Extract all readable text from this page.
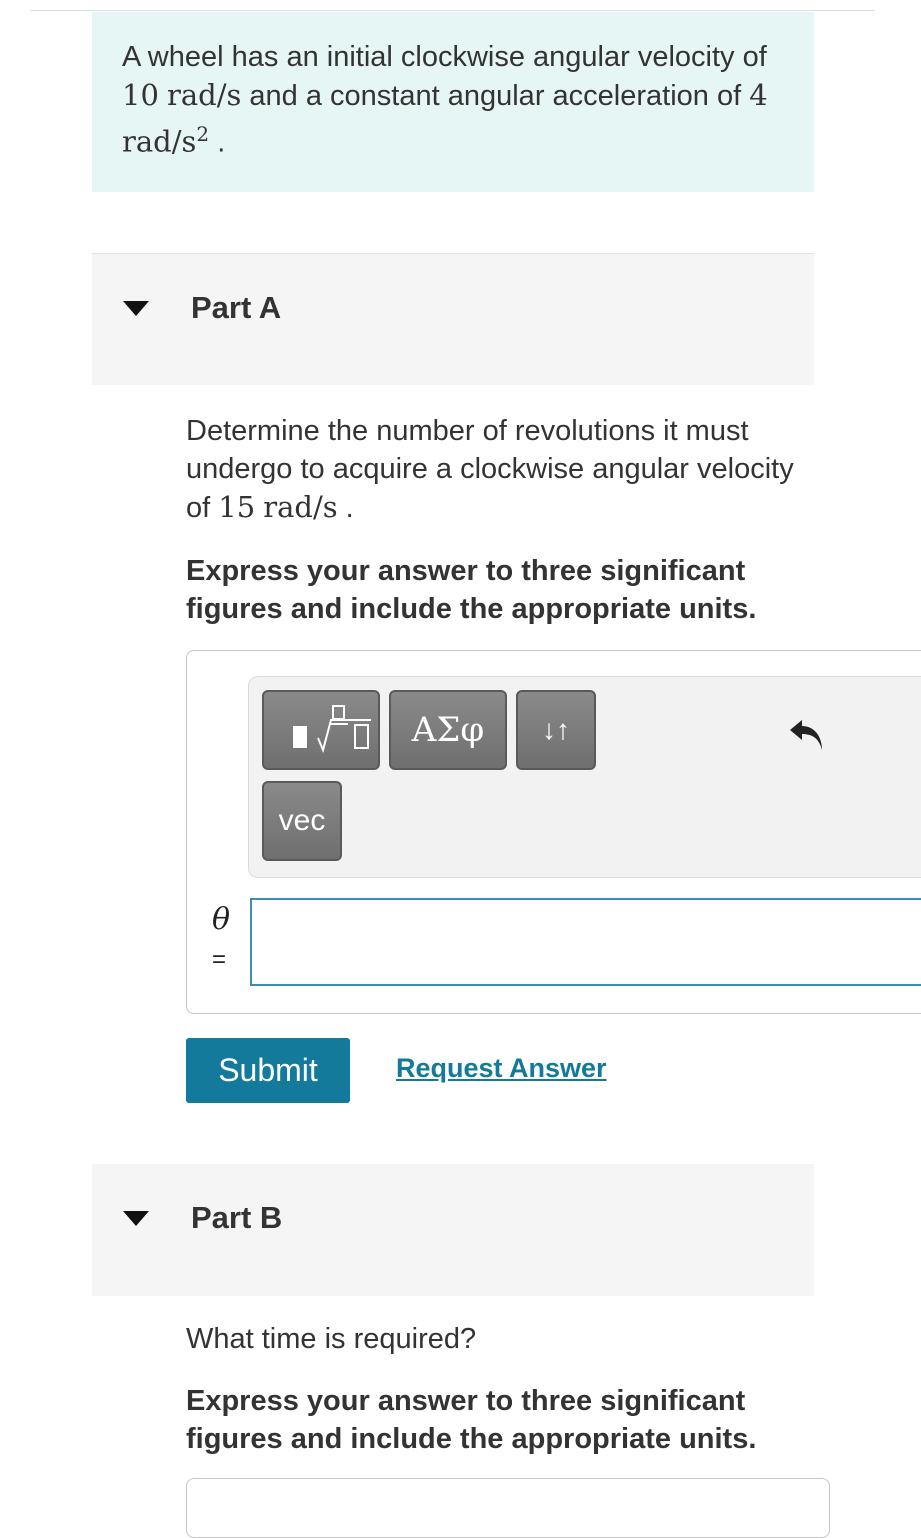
A wheel has an initial clockwise angular velocity of 10 rad/s and a constant angular acceleration of 4 rad/$s^2$ .
Part A
Determine the number of revolutions it must undergo to acquire a clockwise angular velocity of 15 rad/s .
Express your answer to three significant figures and include the appropriate units.
ΑΣφ ↓↑
vec
θ
=
Submit	Request Answer
Part B
What time is required?
Express your answer to three significant figures and include the appropriate units.
